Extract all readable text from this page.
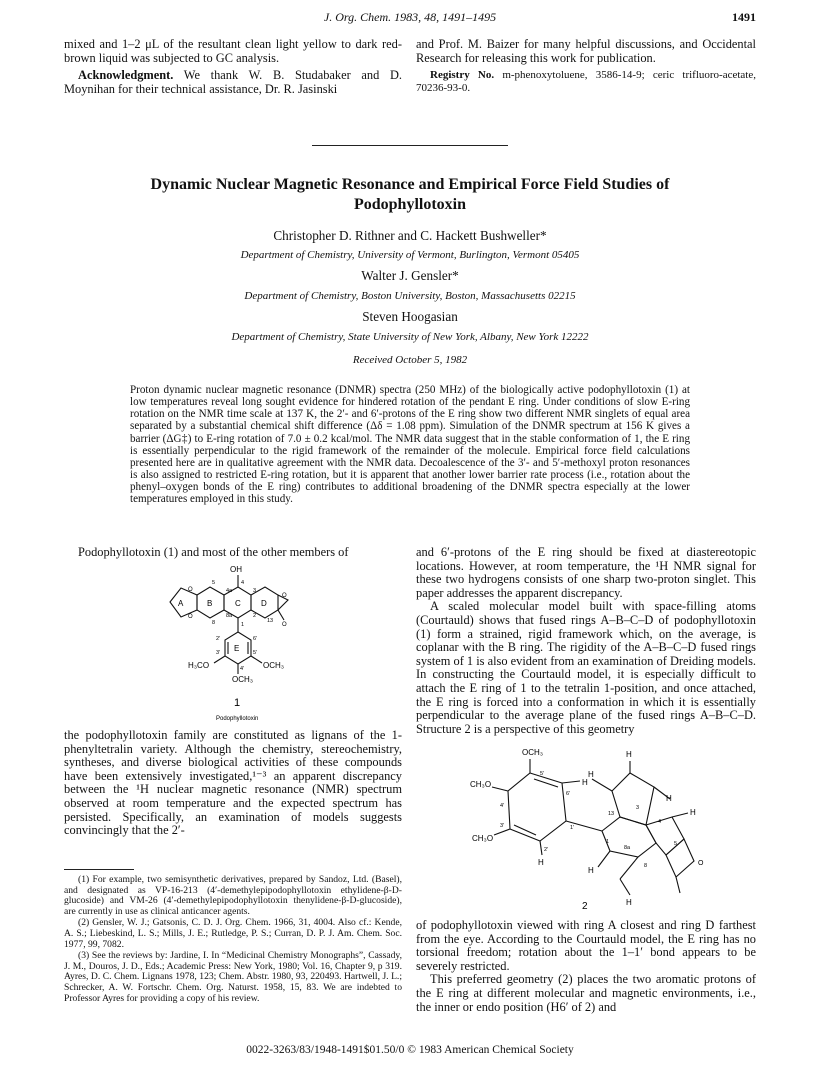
J. Org. Chem. 1983, 48, 1491–1495	1491

mixed and 1–2 μL of the resultant clean light yellow to dark red-brown liquid was subjected to GC analysis.

Acknowledgment. We thank W. B. Studabaker and D. Moynihan for their technical assistance, Dr. R. Jasinski

and Prof. M. Baizer for many helpful discussions, and Occidental Research for releasing this work for publication.

Registry No. m-phenoxytoluene, 3586-14-9; ceric trifluoro-acetate, 70236-93-0.

Dynamic Nuclear Magnetic Resonance and Empirical Force Field Studies of Podophyllotoxin
Christopher D. Rithner and C. Hackett Bushweller*
Department of Chemistry, University of Vermont, Burlington, Vermont 05405
Walter J. Gensler*
Department of Chemistry, Boston University, Boston, Massachusetts 02215
Steven Hoogasian
Department of Chemistry, State University of New York, Albany, New York 12222
Received October 5, 1982
Proton dynamic nuclear magnetic resonance (DNMR) spectra (250 MHz) of the biologically active podophyllotoxin (1) at low temperatures reveal long sought evidence for hindered rotation of the pendant E ring. Under conditions of slow E-ring rotation on the NMR time scale at 137 K, the 2′- and 6′-protons of the E ring show two different NMR singlets of equal area separated by a substantial chemical shift difference (Δδ = 1.08 ppm). Simulation of the DNMR spectrum at 156 K gives a barrier (ΔG‡) to E-ring rotation of 7.0 ± 0.2 kcal/mol. The NMR data suggest that in the stable conformation of 1, the E ring is essentially perpendicular to the rigid framework of the remainder of the molecule. Empirical force field calculations presented here are in qualitative agreement with the NMR data. Decoalescence of the 3′- and 5′-methoxyl proton resonances is also assigned to restricted E-ring rotation, but it is apparent that another lower barrier rate process (i.e., rotation about the phenyl–oxygen bonds of the E ring) contributes to additional broadening of the DNMR spectra especially at the lower temperatures employed in this study.
Podophyllotoxin (1) and most of the other members of
OH
B
A	C	D
E
O
O
O
O
5
4a
4
3
8a
8	1
2
13
2′	6′
3′	5′
4′
H₃CO	OCH₃
OCH₃
1
Podophyllotoxin
the podophyllotoxin family are constituted as lignans of the 1-phenyltetralin variety. Although the chemistry, stereochemistry, syntheses, and diverse biological activities of these compounds have been extensively investigated,¹⁻³ an apparent discrepancy between the ¹H nuclear magnetic resonance (NMR) spectrum observed at room temperature and the expected spectrum has persisted. Specifically, an examination of models suggests convincingly that the 2′-

(1) For example, two semisynthetic derivatives, prepared by Sandoz, Ltd. (Basel), and designated as VP-16-213 (4′-demethylepipodophyllotoxin ethylidene-β-D-glucoside) and VM-26 (4′-demethylepipodophyllotoxin thenylidene-β-D-glucoside), are currently in use as clinical anticancer agents.

(2) Gensler, W. J.; Gatsonis, C. D. J. Org. Chem. 1966, 31, 4004. Also cf.: Kende, A. S.; Liebeskind, L. S.; Mills, J. E.; Rutledge, P. S.; Curran, D. P. J. Am. Chem. Soc. 1977, 99, 7082.

(3) See the reviews by: Jardine, I. In “Medicinal Chemistry Monographs”, Cassady, J. M., Douros, J. D., Eds.; Academic Press: New York, 1980; Vol. 16, Chapter 9, p 319. Ayres, D. C. Chem. Lignans 1978, 123; Chem. Abstr. 1980, 93, 220493. Hartwell, J. L.; Schrecker, A. W. Fortschr. Chem. Org. Naturst. 1958, 15, 83. We are indebted to Professor Ayres for providing a copy of his review.

and 6′-protons of the E ring should be fixed at diastereotopic locations. However, at room temperature, the ¹H NMR signal for these two hydrogens consists of one sharp two-proton singlet. This paper addresses the apparent discrepancy.

A scaled molecular model built with space-filling atoms (Courtauld) shows that fused rings A–B–C–D of podophyllotoxin (1) form a strained, rigid framework which, on the average, is coplanar with the B ring. The rigidity of the A–B–C–D fused rings system of 1 is also evident from an examination of Dreiding models. In constructing the Courtauld model, it is especially difficult to attach the E ring of 1 to the tetralin 1-position, and once attached, the E ring is forced into a conformation in which it is essentially perpendicular to the average plane of the fused rings A–B–C–D. Structure 2 is a perspective of this geometry

OCH₃
CH₃O
CH₃O
5′
6′
4′
3′
2′
1′
H
H
H
H
H
H
H
H
13
3
4
1
8a
8
5
O
2

of podophyllotoxin viewed with ring A closest and ring D farthest from the eye. According to the Courtauld model, the E ring has no torsional freedom; rotation about the 1–1′ bond appears to be severely restricted.

This preferred geometry (2) places the two aromatic protons of the E ring at different molecular and magnetic environments, i.e., the inner or endo position (H6′ of 2) and

0022-3263/83/1948-1491$01.50/0 © 1983 American Chemical Society
